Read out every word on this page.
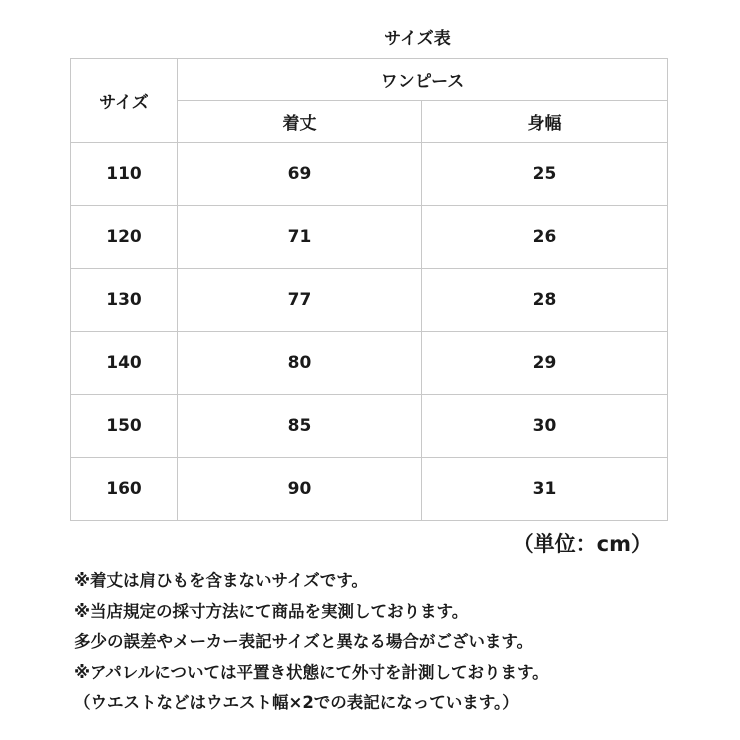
サイズ表
サイズ	ワンピース	
	着丈	身幅
110	69	25
120	71	26
130	77	28
140	80	29
150	85	30
160	90	31
（単位：cm）
※着丈は肩ひもを含まないサイズです。
※当店規定の採寸方法にて商品を実測しております。
多少の誤差やメーカー表記サイズと異なる場合がございます。
※アパレルについては平置き状態にて外寸を計測しております。
（ウエストなどはウエスト幅×2での表記になっています。）
